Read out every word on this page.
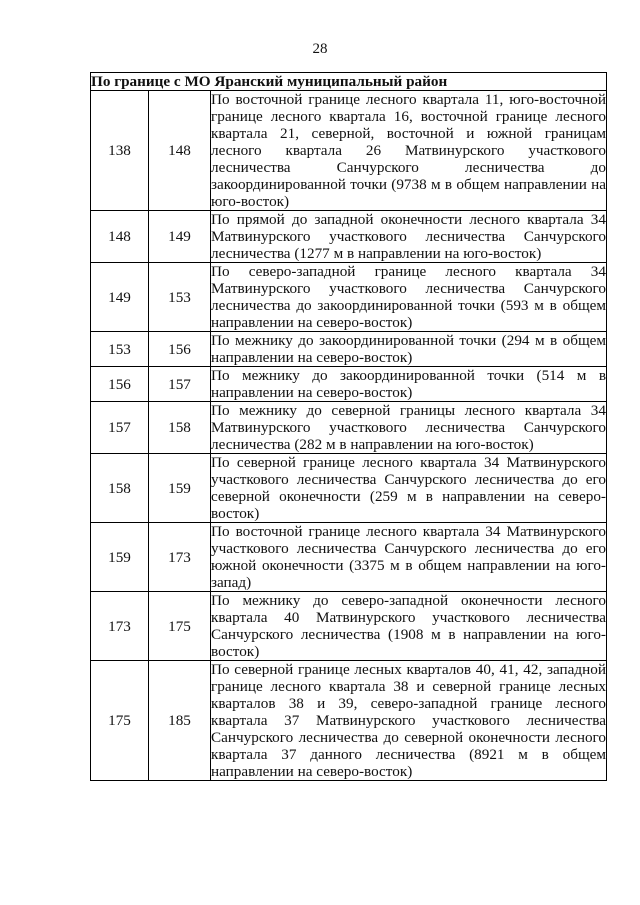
28
По границе с МО Яранский муниципальный район		
138	148	По восточной границе лесного квартала 11, юго-восточной границе лесного квартала 16, восточной границе лесного квартала 21, северной, восточной и южной границам лесного квартала 26 Матвинурского участкового лесничества Санчурского лесничества до закоординированной точки (9738 м в общем направлении на юго-восток)

148	149	По прямой до западной оконечности лесного квартала 34 Матвинурского участкового лесничества Санчурского лесничества (1277 м в направлении на юго-восток)

149	153	По северо-западной границе лесного квартала 34 Матвинурского участкового лесничества Санчурского лесничества до закоординированной точки (593 м в общем направлении на северо-восток)

153	156	По межнику до закоординированной точки (294 м в общем направлении на северо-восток)

156	157	По межнику до закоординированной точки (514 м в направлении на северо-восток)

157	158	По межнику до северной границы лесного квартала 34 Матвинурского участкового лесничества Санчурского лесничества (282 м в направлении на юго-восток)

158	159	По северной границе лесного квартала 34 Матвинурского участкового лесничества Санчурского лесничества до его северной оконечности (259 м в направлении на северо-восток)

159	173	По восточной границе лесного квартала 34 Матвинурского участкового лесничества Санчурского лесничества до его южной оконечности (3375 м в общем направлении на юго-запад)

173	175	По межнику до северо-западной оконечности лесного квартала 40 Матвинурского участкового лесничества Санчурского лесничества (1908 м в направлении на юго-восток)

175	185	По северной границе лесных кварталов 40, 41, 42, западной границе лесного квартала 38 и северной границе лесных кварталов 38 и 39, северо-западной границе лесного квартала 37 Матвинурского участкового лесничества Санчурского лесничества до северной оконечности лесного квартала 37 данного лесничества (8921 м в общем направлении на северо-восток)
